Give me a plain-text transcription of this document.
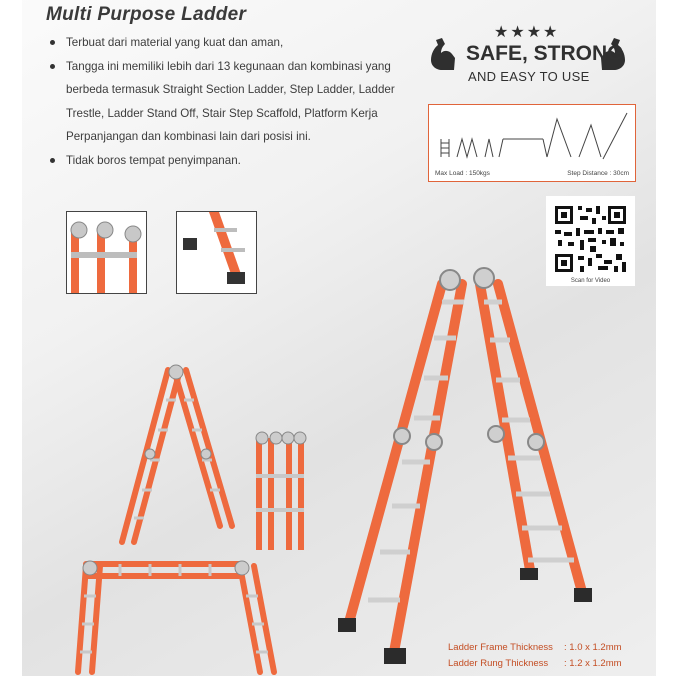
Multi Purpose Ladder
Terbuat dari material yang kuat dan aman,
Tangga ini memiliki lebih dari 13 kegunaan dan kombinasi yang berbeda termasuk Straight Section Ladder, Step Ladder, Ladder Trestle, Ladder Stand Off, Stair Step Scaffold, Platform Kerja Perpanjangan dan kombinasi lain dari posisi ini.
Tidak boros tempat penyimpanan.
★★★★
SAFE, STRONG
AND EASY TO USE
Max Load : 150kgs	Step Distance : 30cm
Scan for Video
Ladder Frame Thickness : 1.0 x 1.2mm
Ladder Rung Thickness : 1.2 x 1.2mm
